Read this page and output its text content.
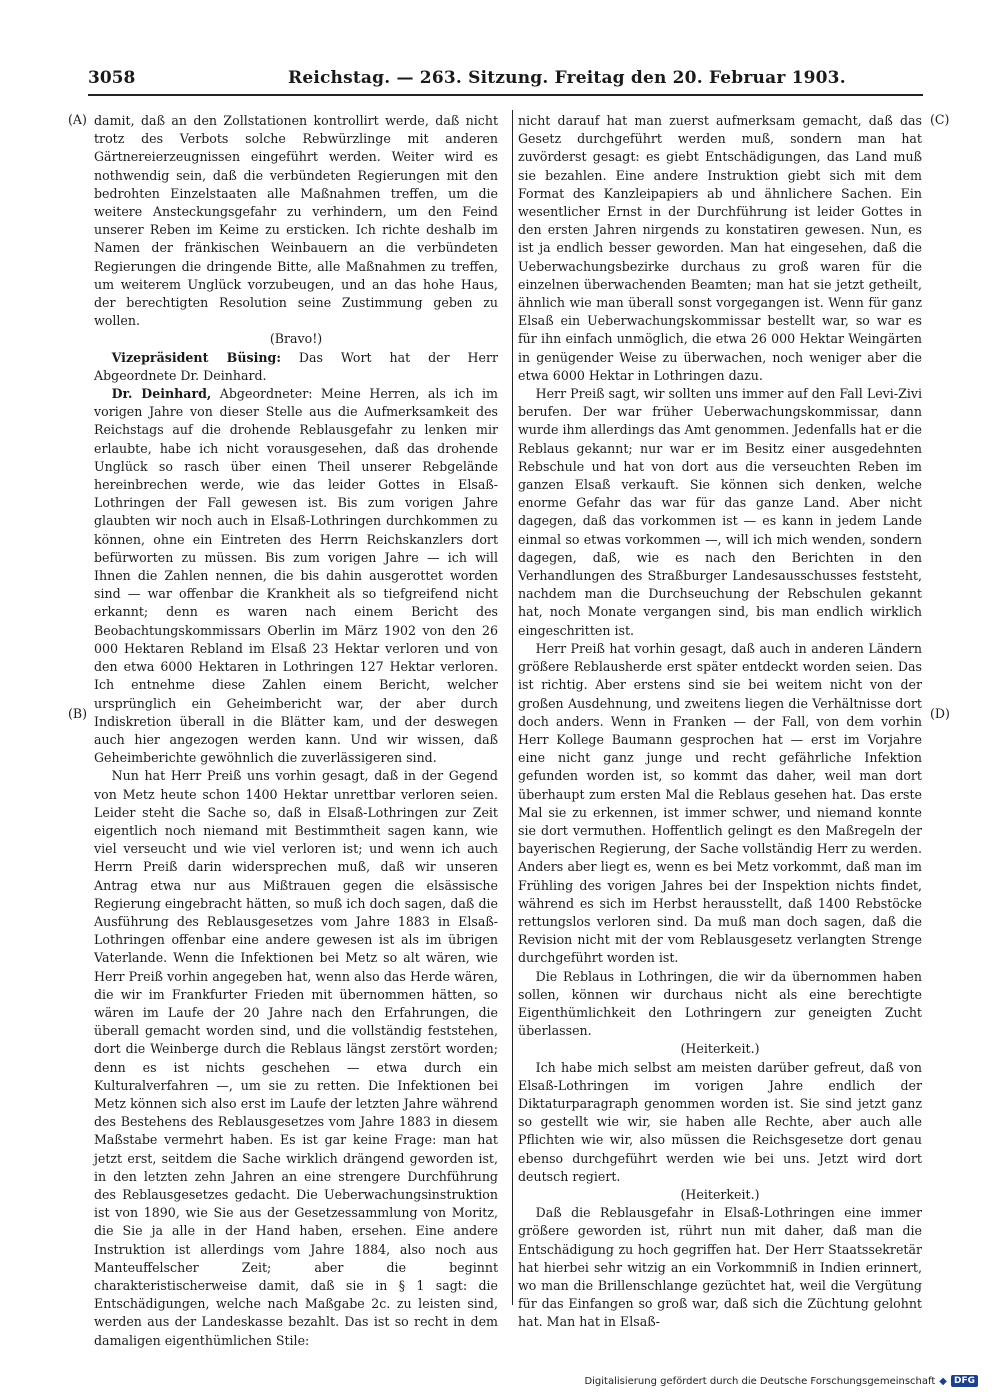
3058	Reichstag. — 263. Sitzung. Freitag den 20. Februar 1903.
(A)
(B)
(C)
(D)

damit, daß an den Zollstationen kontrollirt werde, daß nicht trotz des Verbots solche Rebwürzlinge mit anderen Gärtnereierzeugnissen eingeführt werden. Weiter wird es nothwendig sein, daß die verbündeten Regierungen mit den bedrohten Einzelstaaten alle Maßnahmen treffen, um die weitere Ansteckungsgefahr zu verhindern, um den Feind unserer Reben im Keime zu ersticken. Ich richte deshalb im Namen der fränkischen Weinbauern an die verbündeten Regierungen die dringende Bitte, alle Maßnahmen zu treffen, um weiterem Unglück vorzubeugen, und an das hohe Haus, der berechtigten Resolution seine Zustimmung geben zu wollen.

(Bravo!)

Vizepräsident Büsing: Das Wort hat der Herr Abgeordnete Dr. Deinhard.

Dr. Deinhard, Abgeordneter: Meine Herren, als ich im vorigen Jahre von dieser Stelle aus die Aufmerksamkeit des Reichstags auf die drohende Reblausgefahr zu lenken mir erlaubte, habe ich nicht vorausgesehen, daß das drohende Unglück so rasch über einen Theil unserer Rebgelände hereinbrechen werde, wie das leider Gottes in Elsaß-Lothringen der Fall gewesen ist. Bis zum vorigen Jahre glaubten wir noch auch in Elsaß-Lothringen durchkommen zu können, ohne ein Eintreten des Herrn Reichskanzlers dort befürworten zu müssen. Bis zum vorigen Jahre — ich will Ihnen die Zahlen nennen, die bis dahin ausgerottet worden sind — war offenbar die Krankheit als so tiefgreifend nicht erkannt; denn es waren nach einem Bericht des Beobachtungskommissars Oberlin im März 1902 von den 26 000 Hektaren Rebland im Elsaß 23 Hektar verloren und von den etwa 6000 Hektaren in Lothringen 127 Hektar verloren. Ich entnehme diese Zahlen einem Bericht, welcher ursprünglich ein Geheimbericht war, der aber durch Indiskretion überall in die Blätter kam, und der deswegen auch hier angezogen werden kann. Und wir wissen, daß Geheimberichte gewöhnlich die zuverlässigeren sind.

Nun hat Herr Preiß uns vorhin gesagt, daß in der Gegend von Metz heute schon 1400 Hektar unrettbar verloren seien. Leider steht die Sache so, daß in Elsaß-Lothringen zur Zeit eigentlich noch niemand mit Bestimmtheit sagen kann, wie viel verseucht und wie viel verloren ist; und wenn ich auch Herrn Preiß darin widersprechen muß, daß wir unseren Antrag etwa nur aus Mißtrauen gegen die elsässische Regierung eingebracht hätten, so muß ich doch sagen, daß die Ausführung des Reblausgesetzes vom Jahre 1883 in Elsaß-Lothringen offenbar eine andere gewesen ist als im übrigen Vaterlande. Wenn die Infektionen bei Metz so alt wären, wie Herr Preiß vorhin angegeben hat, wenn also das Herde wären, die wir im Frankfurter Frieden mit übernommen hätten, so wären im Laufe der 20 Jahre nach den Erfahrungen, die überall gemacht worden sind, und die vollständig feststehen, dort die Weinberge durch die Reblaus längst zerstört worden; denn es ist nichts geschehen — etwa durch ein Kulturalverfahren —, um sie zu retten. Die Infektionen bei Metz können sich also erst im Laufe der letzten Jahre während des Bestehens des Reblausgesetzes vom Jahre 1883 in diesem Maßstabe vermehrt haben. Es ist gar keine Frage: man hat jetzt erst, seitdem die Sache wirklich drängend geworden ist, in den letzten zehn Jahren an eine strengere Durchführung des Reblausgesetzes gedacht. Die Ueberwachungsinstruktion ist von 1890, wie Sie aus der Gesetzessammlung von Moritz, die Sie ja alle in der Hand haben, ersehen. Eine andere Instruktion ist allerdings vom Jahre 1884, also noch aus Manteuffelscher Zeit; aber die beginnt charakteristischerweise damit, daß sie in § 1 sagt: die Entschädigungen, welche nach Maßgabe 2c. zu leisten sind, werden aus der Landeskasse bezahlt. Das ist so recht in dem damaligen eigenthümlichen Stile:

nicht darauf hat man zuerst aufmerksam gemacht, daß das Gesetz durchgeführt werden muß, sondern man hat zuvörderst gesagt: es giebt Entschädigungen, das Land muß sie bezahlen. Eine andere Instruktion giebt sich mit dem Format des Kanzleipapiers ab und ähnlichere Sachen. Ein wesentlicher Ernst in der Durchführung ist leider Gottes in den ersten Jahren nirgends zu konstatiren gewesen. Nun, es ist ja endlich besser geworden. Man hat eingesehen, daß die Ueberwachungsbezirke durchaus zu groß waren für die einzelnen überwachenden Beamten; man hat sie jetzt getheilt, ähnlich wie man überall sonst vorgegangen ist. Wenn für ganz Elsaß ein Ueberwachungskommissar bestellt war, so war es für ihn einfach unmöglich, die etwa 26 000 Hektar Weingärten in genügender Weise zu überwachen, noch weniger aber die etwa 6000 Hektar in Lothringen dazu.

Herr Preiß sagt, wir sollten uns immer auf den Fall Levi-Zivi berufen. Der war früher Ueberwachungskommissar, dann wurde ihm allerdings das Amt genommen. Jedenfalls hat er die Reblaus gekannt; nur war er im Besitz einer ausgedehnten Rebschule und hat von dort aus die verseuchten Reben im ganzen Elsaß verkauft. Sie können sich denken, welche enorme Gefahr das war für das ganze Land. Aber nicht dagegen, daß das vorkommen ist — es kann in jedem Lande einmal so etwas vorkommen —, will ich mich wenden, sondern dagegen, daß, wie es nach den Berichten in den Verhandlungen des Straßburger Landesausschusses feststeht, nachdem man die Durchseuchung der Rebschulen gekannt hat, noch Monate vergangen sind, bis man endlich wirklich eingeschritten ist.

Herr Preiß hat vorhin gesagt, daß auch in anderen Ländern größere Reblausherde erst später entdeckt worden seien. Das ist richtig. Aber erstens sind sie bei weitem nicht von der großen Ausdehnung, und zweitens liegen die Verhältnisse dort doch anders. Wenn in Franken — der Fall, von dem vorhin Herr Kollege Baumann gesprochen hat — erst im Vorjahre eine nicht ganz junge und recht gefährliche Infektion gefunden worden ist, so kommt das daher, weil man dort überhaupt zum ersten Mal die Reblaus gesehen hat. Das erste Mal sie zu erkennen, ist immer schwer, und niemand konnte sie dort vermuthen. Hoffentlich gelingt es den Maßregeln der bayerischen Regierung, der Sache vollständig Herr zu werden. Anders aber liegt es, wenn es bei Metz vorkommt, daß man im Frühling des vorigen Jahres bei der Inspektion nichts findet, während es sich im Herbst herausstellt, daß 1400 Rebstöcke rettungslos verloren sind. Da muß man doch sagen, daß die Revision nicht mit der vom Reblausgesetz verlangten Strenge durchgeführt worden ist.

Die Reblaus in Lothringen, die wir da übernommen haben sollen, können wir durchaus nicht als eine berechtigte Eigenthümlichkeit den Lothringern zur geneigten Zucht überlassen.

(Heiterkeit.)

Ich habe mich selbst am meisten darüber gefreut, daß von Elsaß-Lothringen im vorigen Jahre endlich der Diktaturparagraph genommen worden ist. Sie sind jetzt ganz so gestellt wie wir, sie haben alle Rechte, aber auch alle Pflichten wie wir, also müssen die Reichsgesetze dort genau ebenso durchgeführt werden wie bei uns. Jetzt wird dort deutsch regiert.

(Heiterkeit.)

Daß die Reblausgefahr in Elsaß-Lothringen eine immer größere geworden ist, rührt nun mit daher, daß man die Entschädigung zu hoch gegriffen hat. Der Herr Staatssekretär hat hierbei sehr witzig an ein Vorkommniß in Indien erinnert, wo man die Brillenschlange gezüchtet hat, weil die Vergütung für das Einfangen so groß war, daß sich die Züchtung gelohnt hat. Man hat in Elsaß-

Digitalisierung gefördert durch die Deutsche Forschungsgemeinschaft ◆ DFG
